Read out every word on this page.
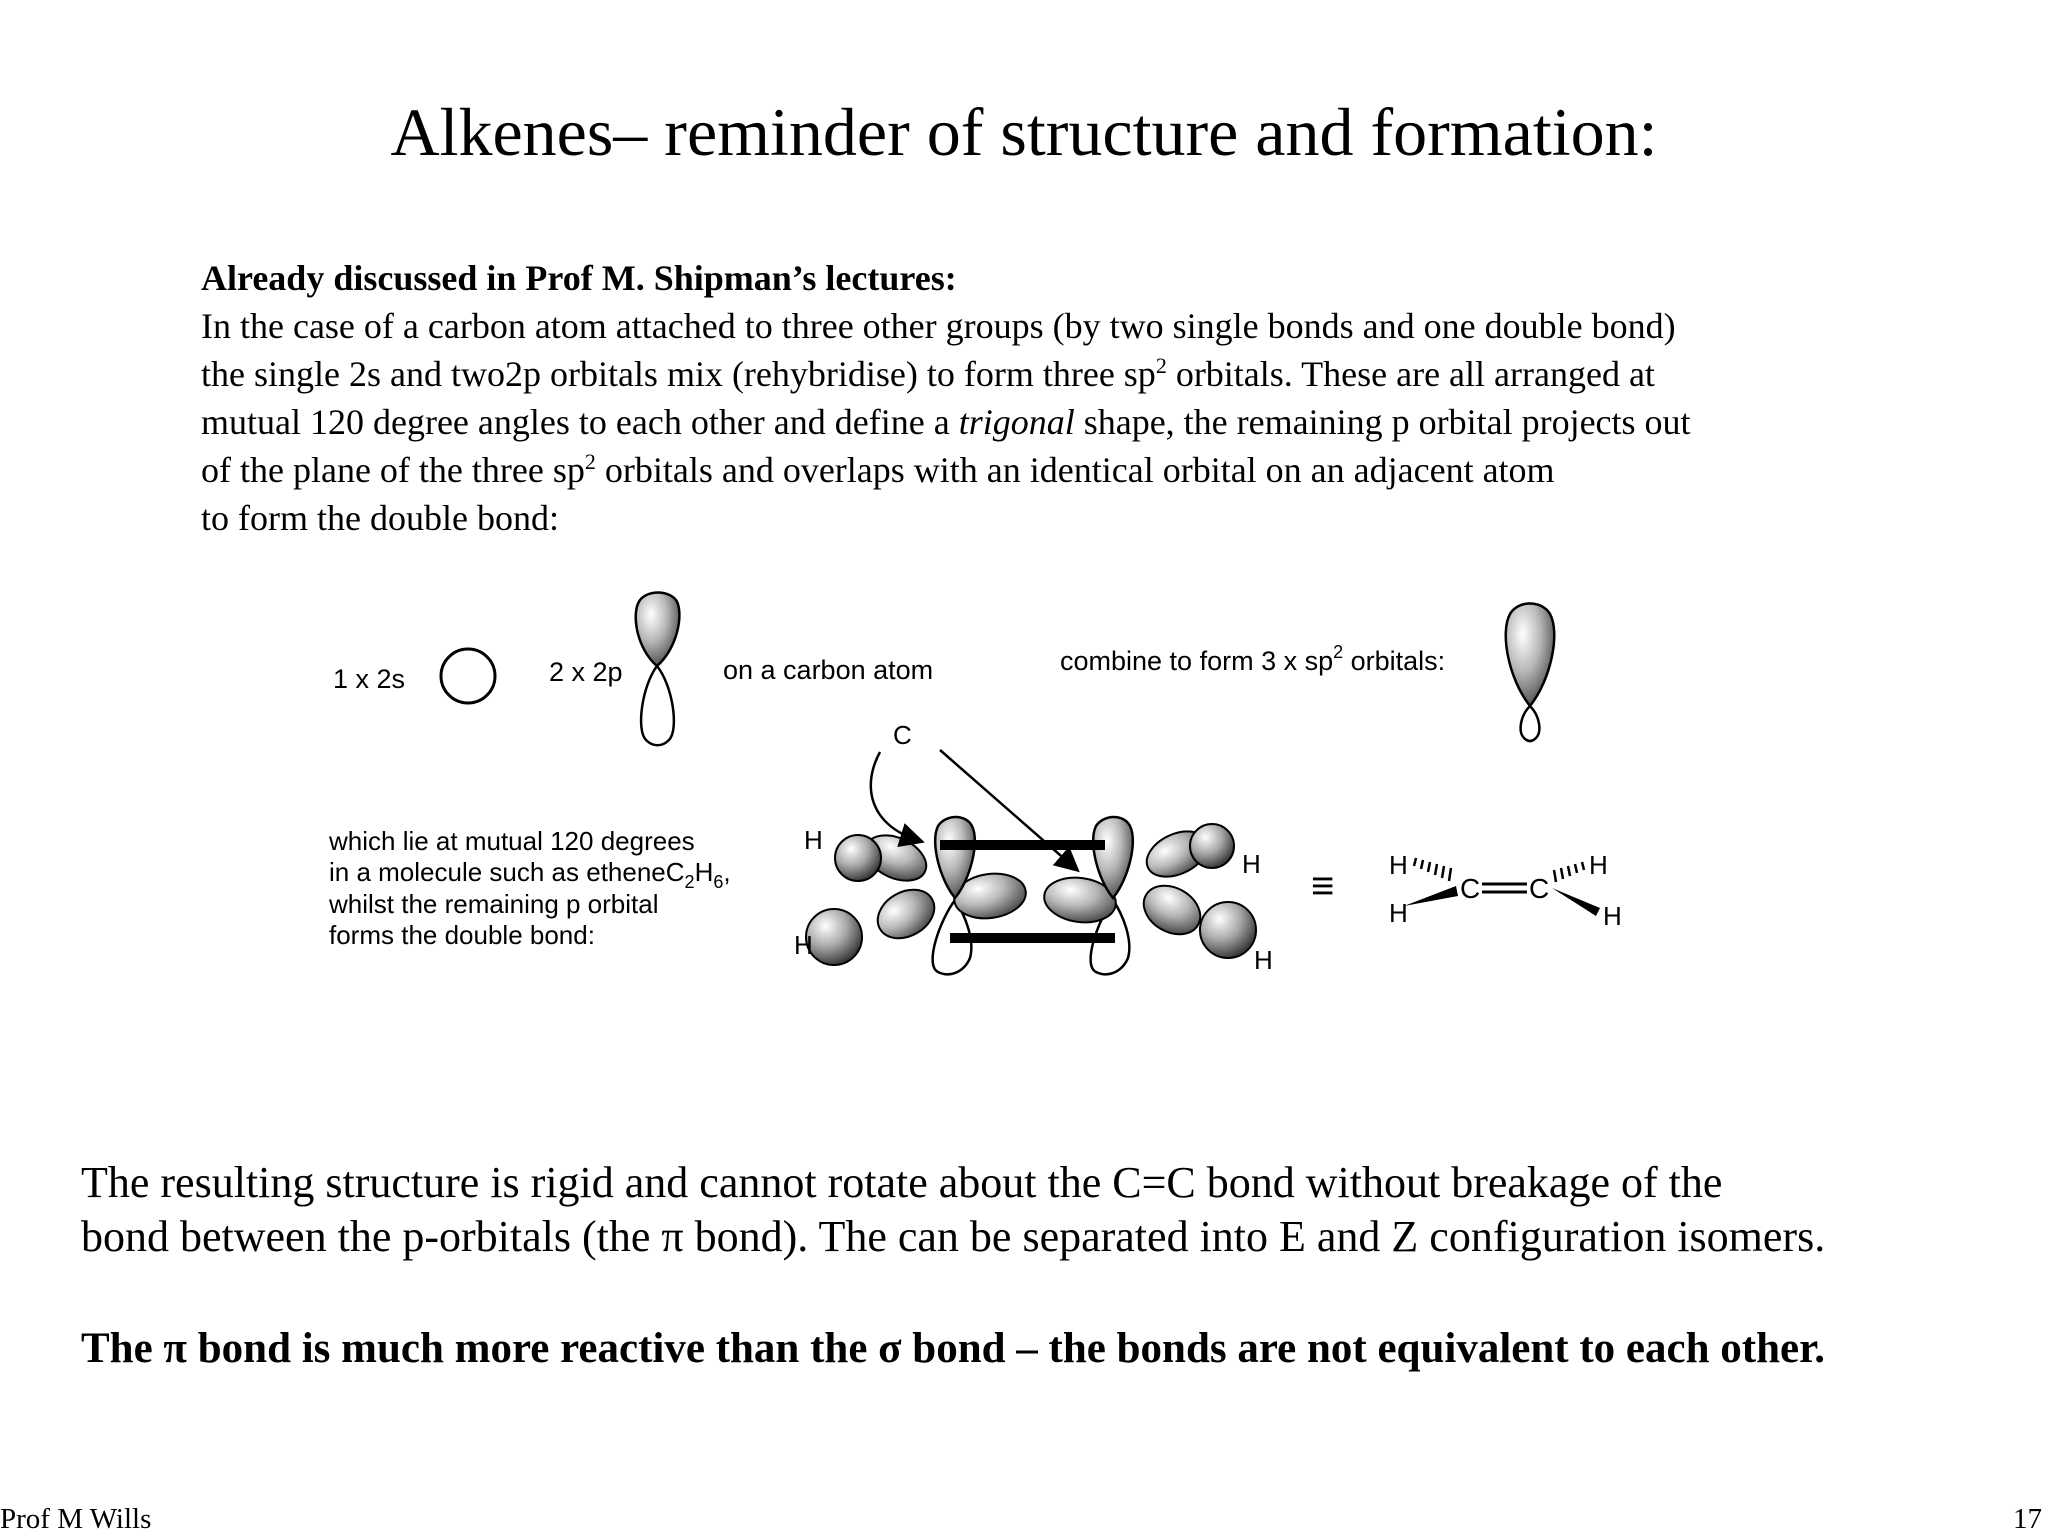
Alkenes– reminder of structure and formation:
Already discussed in Prof M. Shipman’s lectures:
In the case of a carbon atom attached to three other groups (by two single bonds and one double bond)
the single 2s and two2p orbitals mix (rehybridise) to form three $sp^2$ orbitals. These are all arranged at
mutual 120 degree angles to each other and define a trigonal shape, the remaining p orbital projects out
of the plane of the three $sp^2$ orbitals and overlaps with an identical orbital on an adjacent atom
to form the double bond:
1 x 2s	2 x 2p	on a carbon atom	combine to form 3 x $sp^2$ orbitals:
which lie at mutual 120 degrees
in a molecule such as $etheneC_2H_6$,
whilst the remaining p orbital
forms the double bond:
C
H
H
H
H
≡ H
H
H
H
C C
The resulting structure is rigid and cannot rotate about the C=C bond without breakage of the
bond between the p-orbitals (the π bond). The can be separated into E and Z configuration isomers.
The π bond is much more reactive than the σ bond – the bonds are not equivalent to each other.
Prof M Wills	17
